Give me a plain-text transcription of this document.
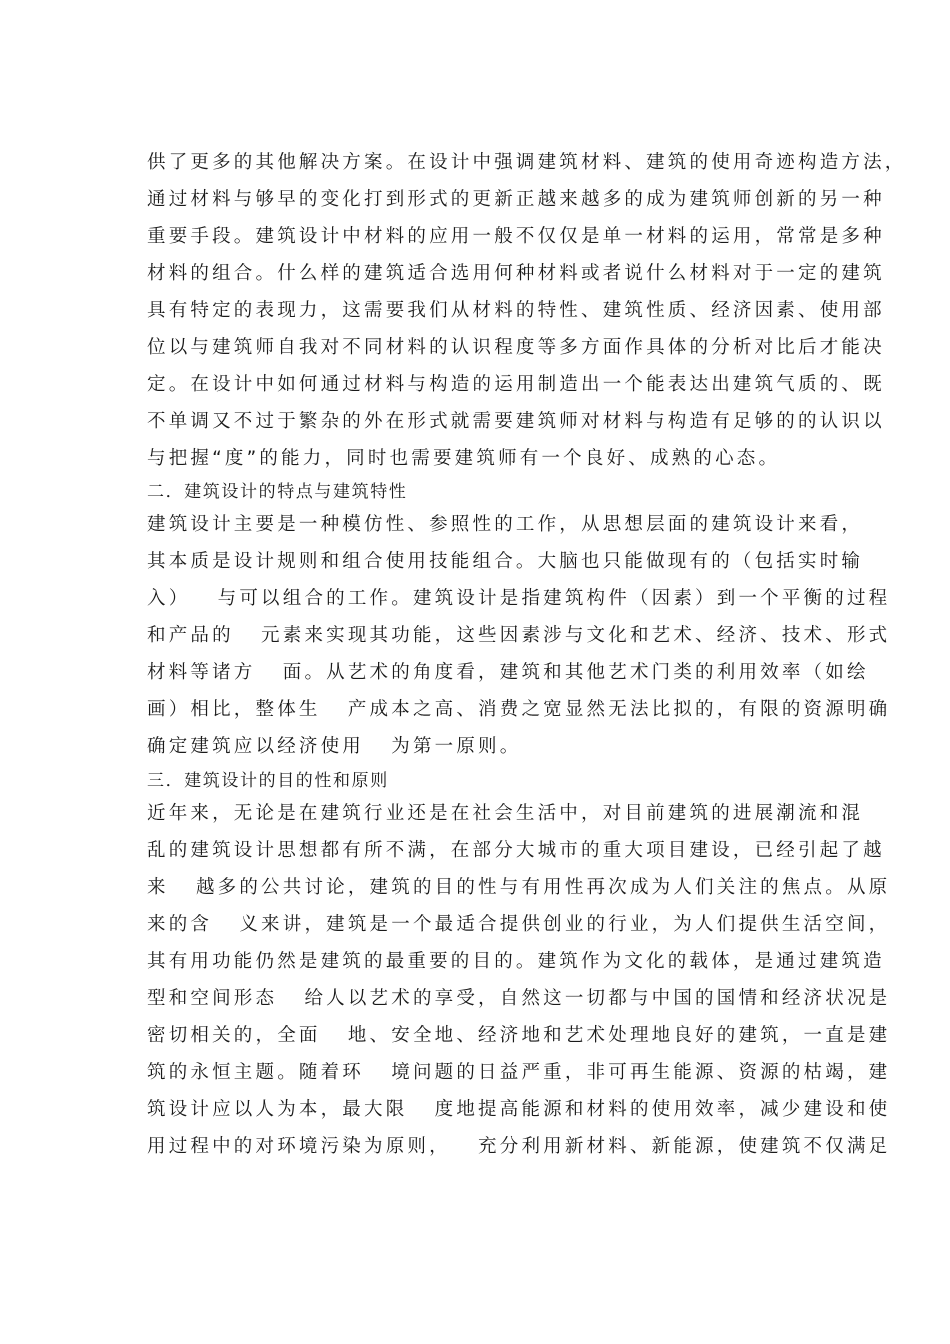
供了更多的其他解决方案。在设计中强调建筑材料、建筑的使用奇迹构造方法，
通过材料与够早的变化打到形式的更新正越来越多的成为建筑师创新的另一种
重要手段。建筑设计中材料的应用一般不仅仅是单一材料的运用，常常是多种
材料的组合。什么样的建筑适合选用何种材料或者说什么材料对于一定的建筑
具有特定的表现力，这需要我们从材料的特性、建筑性质、经济因素、使用部
位以与建筑师自我对不同材料的认识程度等多方面作具体的分析对比后才能决
定。在设计中如何通过材料与构造的运用制造出一个能表达出建筑气质的、既
不单调又不过于繁杂的外在形式就需要建筑师对材料与构造有足够的的认识以
与把握“度”的能力，同时也需要建筑师有一个良好、成熟的心态。
二．建筑设计的特点与建筑特性
建筑设计主要是一种模仿性、参照性的工作，从思想层面的建筑设计来看，
其本质是设计规则和组合使用技能组合。大脑也只能做现有的（包括实时输
入）   与可以组合的工作。建筑设计是指建筑构件（因素）到一个平衡的过程
和产品的   元素来实现其功能，这些因素涉与文化和艺术、经济、技术、形式
材料等诸方   面。从艺术的角度看，建筑和其他艺术门类的利用效率（如绘
画）相比，整体生   产成本之高、消费之宽显然无法比拟的，有限的资源明确
确定建筑应以经济使用   为第一原则。
三．建筑设计的目的性和原则
近年来，无论是在建筑行业还是在社会生活中，对目前建筑的进展潮流和混
乱的建筑设计思想都有所不满，在部分大城市的重大项目建设，已经引起了越
来   越多的公共讨论，建筑的目的性与有用性再次成为人们关注的焦点。从原
来的含   义来讲，建筑是一个最适合提供创业的行业，为人们提供生活空间，
其有用功能仍然是建筑的最重要的目的。建筑作为文化的载体，是通过建筑造
型和空间形态   给人以艺术的享受，自然这一切都与中国的国情和经济状况是
密切相关的，全面   地、安全地、经济地和艺术处理地良好的建筑，一直是建
筑的永恒主题。随着环   境问题的日益严重，非可再生能源、资源的枯竭，建
筑设计应以人为本，最大限   度地提高能源和材料的使用效率，减少建设和使
用过程中的对环境污染为原则，   充分利用新材料、新能源，使建筑不仅满足
